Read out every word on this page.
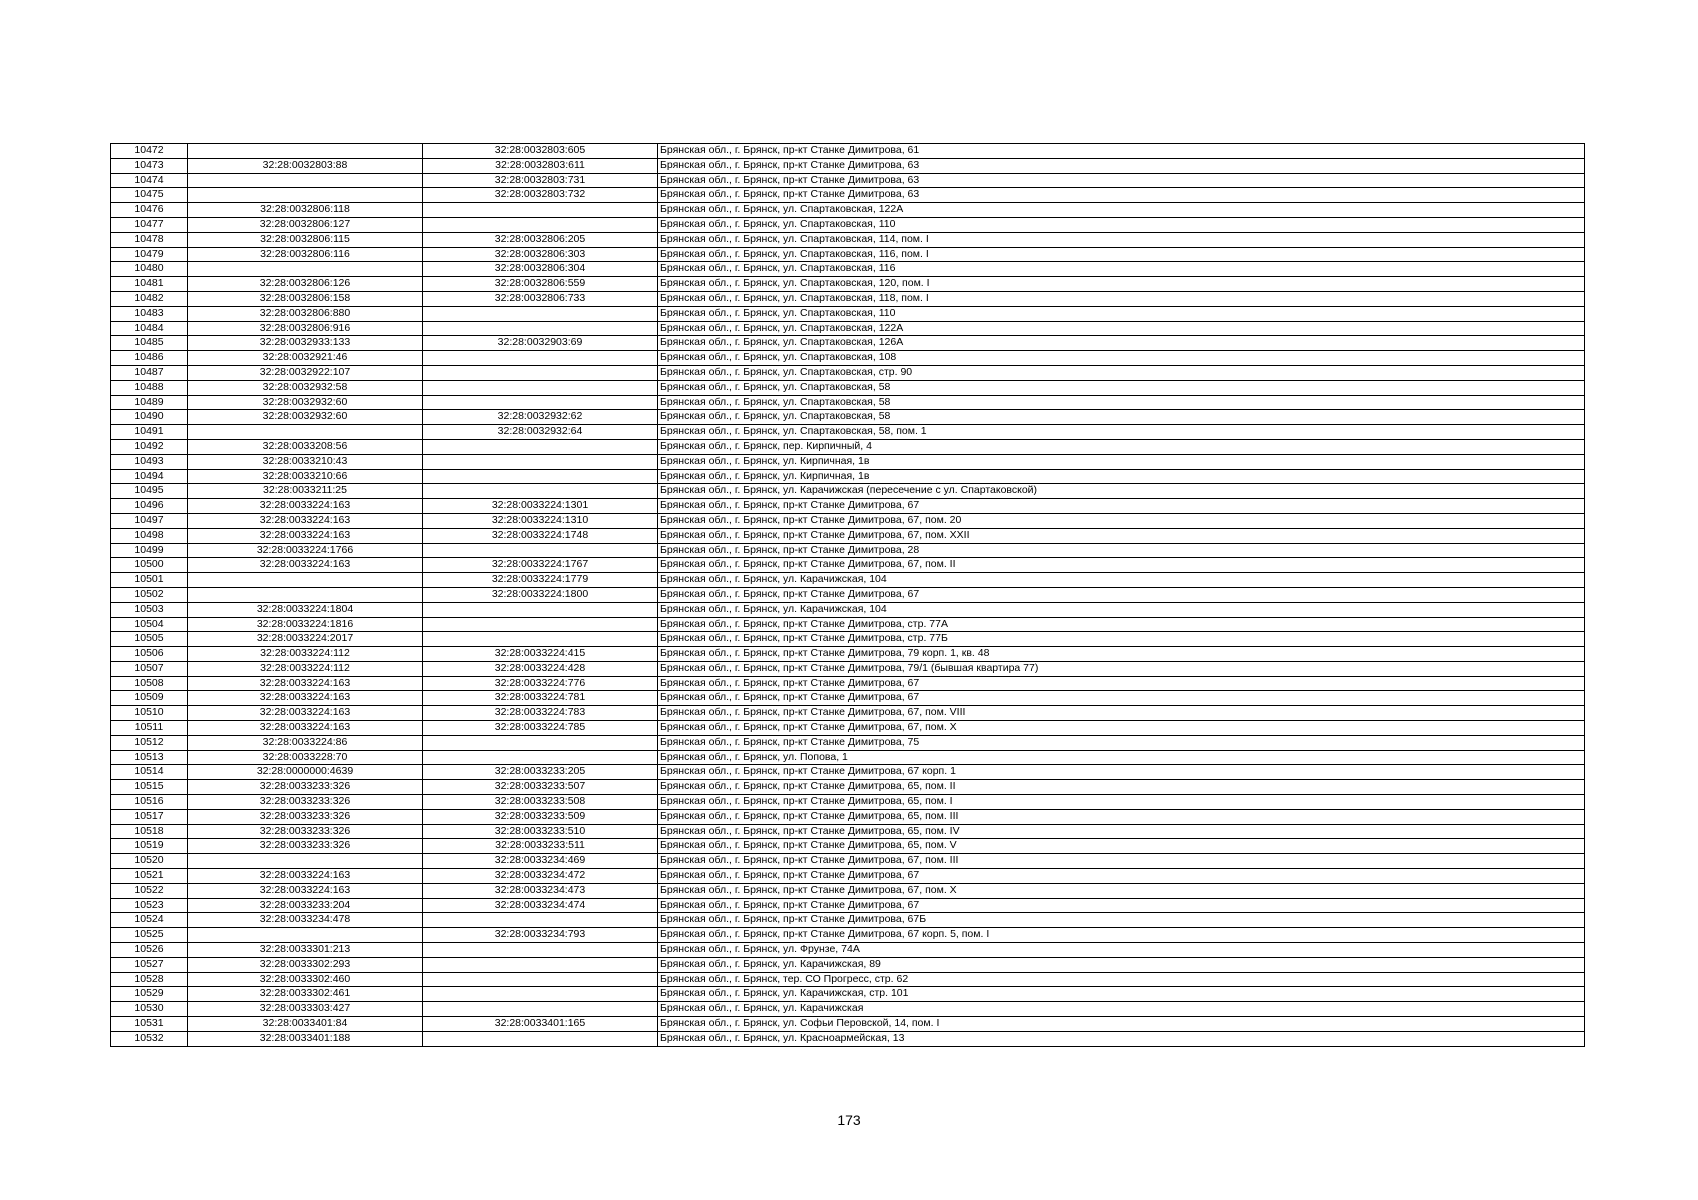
10472		32:28:0032803:605	Брянская обл., г. Брянск, пр-кт Станке Димитрова, 61
10473	32:28:0032803:88	32:28:0032803:611	Брянская обл., г. Брянск, пр-кт Станке Димитрова, 63
10474		32:28:0032803:731	Брянская обл., г. Брянск, пр-кт Станке Димитрова, 63
10475		32:28:0032803:732	Брянская обл., г. Брянск, пр-кт Станке Димитрова, 63
10476	32:28:0032806:118		Брянская обл., г. Брянск, ул. Спартаковская, 122А
10477	32:28:0032806:127		Брянская обл., г. Брянск, ул. Спартаковская, 110
10478	32:28:0032806:115	32:28:0032806:205	Брянская обл., г. Брянск, ул. Спартаковская, 114, пом. I
10479	32:28:0032806:116	32:28:0032806:303	Брянская обл., г. Брянск, ул. Спартаковская, 116, пом. I
10480		32:28:0032806:304	Брянская обл., г. Брянск, ул. Спартаковская, 116
10481	32:28:0032806:126	32:28:0032806:559	Брянская обл., г. Брянск, ул. Спартаковская, 120, пом. I
10482	32:28:0032806:158	32:28:0032806:733	Брянская обл., г. Брянск, ул. Спартаковская, 118, пом. I
10483	32:28:0032806:880		Брянская обл., г. Брянск, ул. Спартаковская, 110
10484	32:28:0032806:916		Брянская обл., г. Брянск, ул. Спартаковская, 122А
10485	32:28:0032933:133	32:28:0032903:69	Брянская обл., г. Брянск, ул. Спартаковская, 126А
10486	32:28:0032921:46		Брянская обл., г. Брянск, ул. Спартаковская, 108
10487	32:28:0032922:107		Брянская обл., г. Брянск, ул. Спартаковская, стр. 90
10488	32:28:0032932:58		Брянская обл., г. Брянск, ул. Спартаковская, 58
10489	32:28:0032932:60		Брянская обл., г. Брянск, ул. Спартаковская, 58
10490	32:28:0032932:60	32:28:0032932:62	Брянская обл., г. Брянск, ул. Спартаковская, 58
10491		32:28:0032932:64	Брянская обл., г. Брянск, ул. Спартаковская, 58, пом. 1
10492	32:28:0033208:56		Брянская обл., г. Брянск, пер. Кирпичный, 4
10493	32:28:0033210:43		Брянская обл., г. Брянск, ул. Кирпичная, 1в
10494	32:28:0033210:66		Брянская обл., г. Брянск, ул. Кирпичная, 1в
10495	32:28:0033211:25		Брянская обл., г. Брянск, ул. Карачижская (пересечение с ул. Спартаковской)
10496	32:28:0033224:163	32:28:0033224:1301	Брянская обл., г. Брянск, пр-кт Станке Димитрова, 67
10497	32:28:0033224:163	32:28:0033224:1310	Брянская обл., г. Брянск, пр-кт Станке Димитрова, 67, пом. 20
10498	32:28:0033224:163	32:28:0033224:1748	Брянская обл., г. Брянск, пр-кт Станке Димитрова, 67, пом. XXII
10499	32:28:0033224:1766		Брянская обл., г. Брянск, пр-кт Станке Димитрова, 28
10500	32:28:0033224:163	32:28:0033224:1767	Брянская обл., г. Брянск, пр-кт Станке Димитрова, 67, пом. II
10501		32:28:0033224:1779	Брянская обл., г. Брянск, ул. Карачижская, 104
10502		32:28:0033224:1800	Брянская обл., г. Брянск, пр-кт Станке Димитрова, 67
10503	32:28:0033224:1804		Брянская обл., г. Брянск, ул. Карачижская, 104
10504	32:28:0033224:1816		Брянская обл., г. Брянск, пр-кт Станке Димитрова, стр. 77А
10505	32:28:0033224:2017		Брянская обл., г. Брянск, пр-кт Станке Димитрова, стр. 77Б
10506	32:28:0033224:112	32:28:0033224:415	Брянская обл., г. Брянск, пр-кт Станке Димитрова, 79 корп. 1, кв. 48
10507	32:28:0033224:112	32:28:0033224:428	Брянская обл., г. Брянск, пр-кт Станке Димитрова, 79/1 (бывшая квартира 77)
10508	32:28:0033224:163	32:28:0033224:776	Брянская обл., г. Брянск, пр-кт Станке Димитрова, 67
10509	32:28:0033224:163	32:28:0033224:781	Брянская обл., г. Брянск, пр-кт Станке Димитрова, 67
10510	32:28:0033224:163	32:28:0033224:783	Брянская обл., г. Брянск, пр-кт Станке Димитрова, 67, пом. VIII
10511	32:28:0033224:163	32:28:0033224:785	Брянская обл., г. Брянск, пр-кт Станке Димитрова, 67, пом. X
10512	32:28:0033224:86		Брянская обл., г. Брянск, пр-кт Станке Димитрова, 75
10513	32:28:0033228:70		Брянская обл., г. Брянск, ул. Попова, 1
10514	32:28:0000000:4639	32:28:0033233:205	Брянская обл., г. Брянск, пр-кт Станке Димитрова, 67 корп. 1
10515	32:28:0033233:326	32:28:0033233:507	Брянская обл., г. Брянск, пр-кт Станке Димитрова, 65, пом. II
10516	32:28:0033233:326	32:28:0033233:508	Брянская обл., г. Брянск, пр-кт Станке Димитрова, 65, пом. I
10517	32:28:0033233:326	32:28:0033233:509	Брянская обл., г. Брянск, пр-кт Станке Димитрова, 65, пом. III
10518	32:28:0033233:326	32:28:0033233:510	Брянская обл., г. Брянск, пр-кт Станке Димитрова, 65, пом. IV
10519	32:28:0033233:326	32:28:0033233:511	Брянская обл., г. Брянск, пр-кт Станке Димитрова, 65, пом. V
10520		32:28:0033234:469	Брянская обл., г. Брянск, пр-кт Станке Димитрова, 67, пом. III
10521	32:28:0033224:163	32:28:0033234:472	Брянская обл., г. Брянск, пр-кт Станке Димитрова, 67
10522	32:28:0033224:163	32:28:0033234:473	Брянская обл., г. Брянск, пр-кт Станке Димитрова, 67, пом. X
10523	32:28:0033233:204	32:28:0033234:474	Брянская обл., г. Брянск, пр-кт Станке Димитрова, 67
10524	32:28:0033234:478		Брянская обл., г. Брянск, пр-кт Станке Димитрова, 67Б
10525		32:28:0033234:793	Брянская обл., г. Брянск, пр-кт Станке Димитрова, 67 корп. 5, пом. I
10526	32:28:0033301:213		Брянская обл., г. Брянск, ул. Фрунзе, 74А
10527	32:28:0033302:293		Брянская обл., г. Брянск, ул. Карачижская, 89
10528	32:28:0033302:460		Брянская обл., г. Брянск, тер. СО Прогресс, стр. 62
10529	32:28:0033302:461		Брянская обл., г. Брянск, ул. Карачижская, стр. 101
10530	32:28:0033303:427		Брянская обл., г. Брянск, ул. Карачижская
10531	32:28:0033401:84	32:28:0033401:165	Брянская обл., г. Брянск, ул. Софьи Перовской, 14, пом. I
10532	32:28:0033401:188		Брянская обл., г. Брянск, ул. Красноармейская, 13
173
